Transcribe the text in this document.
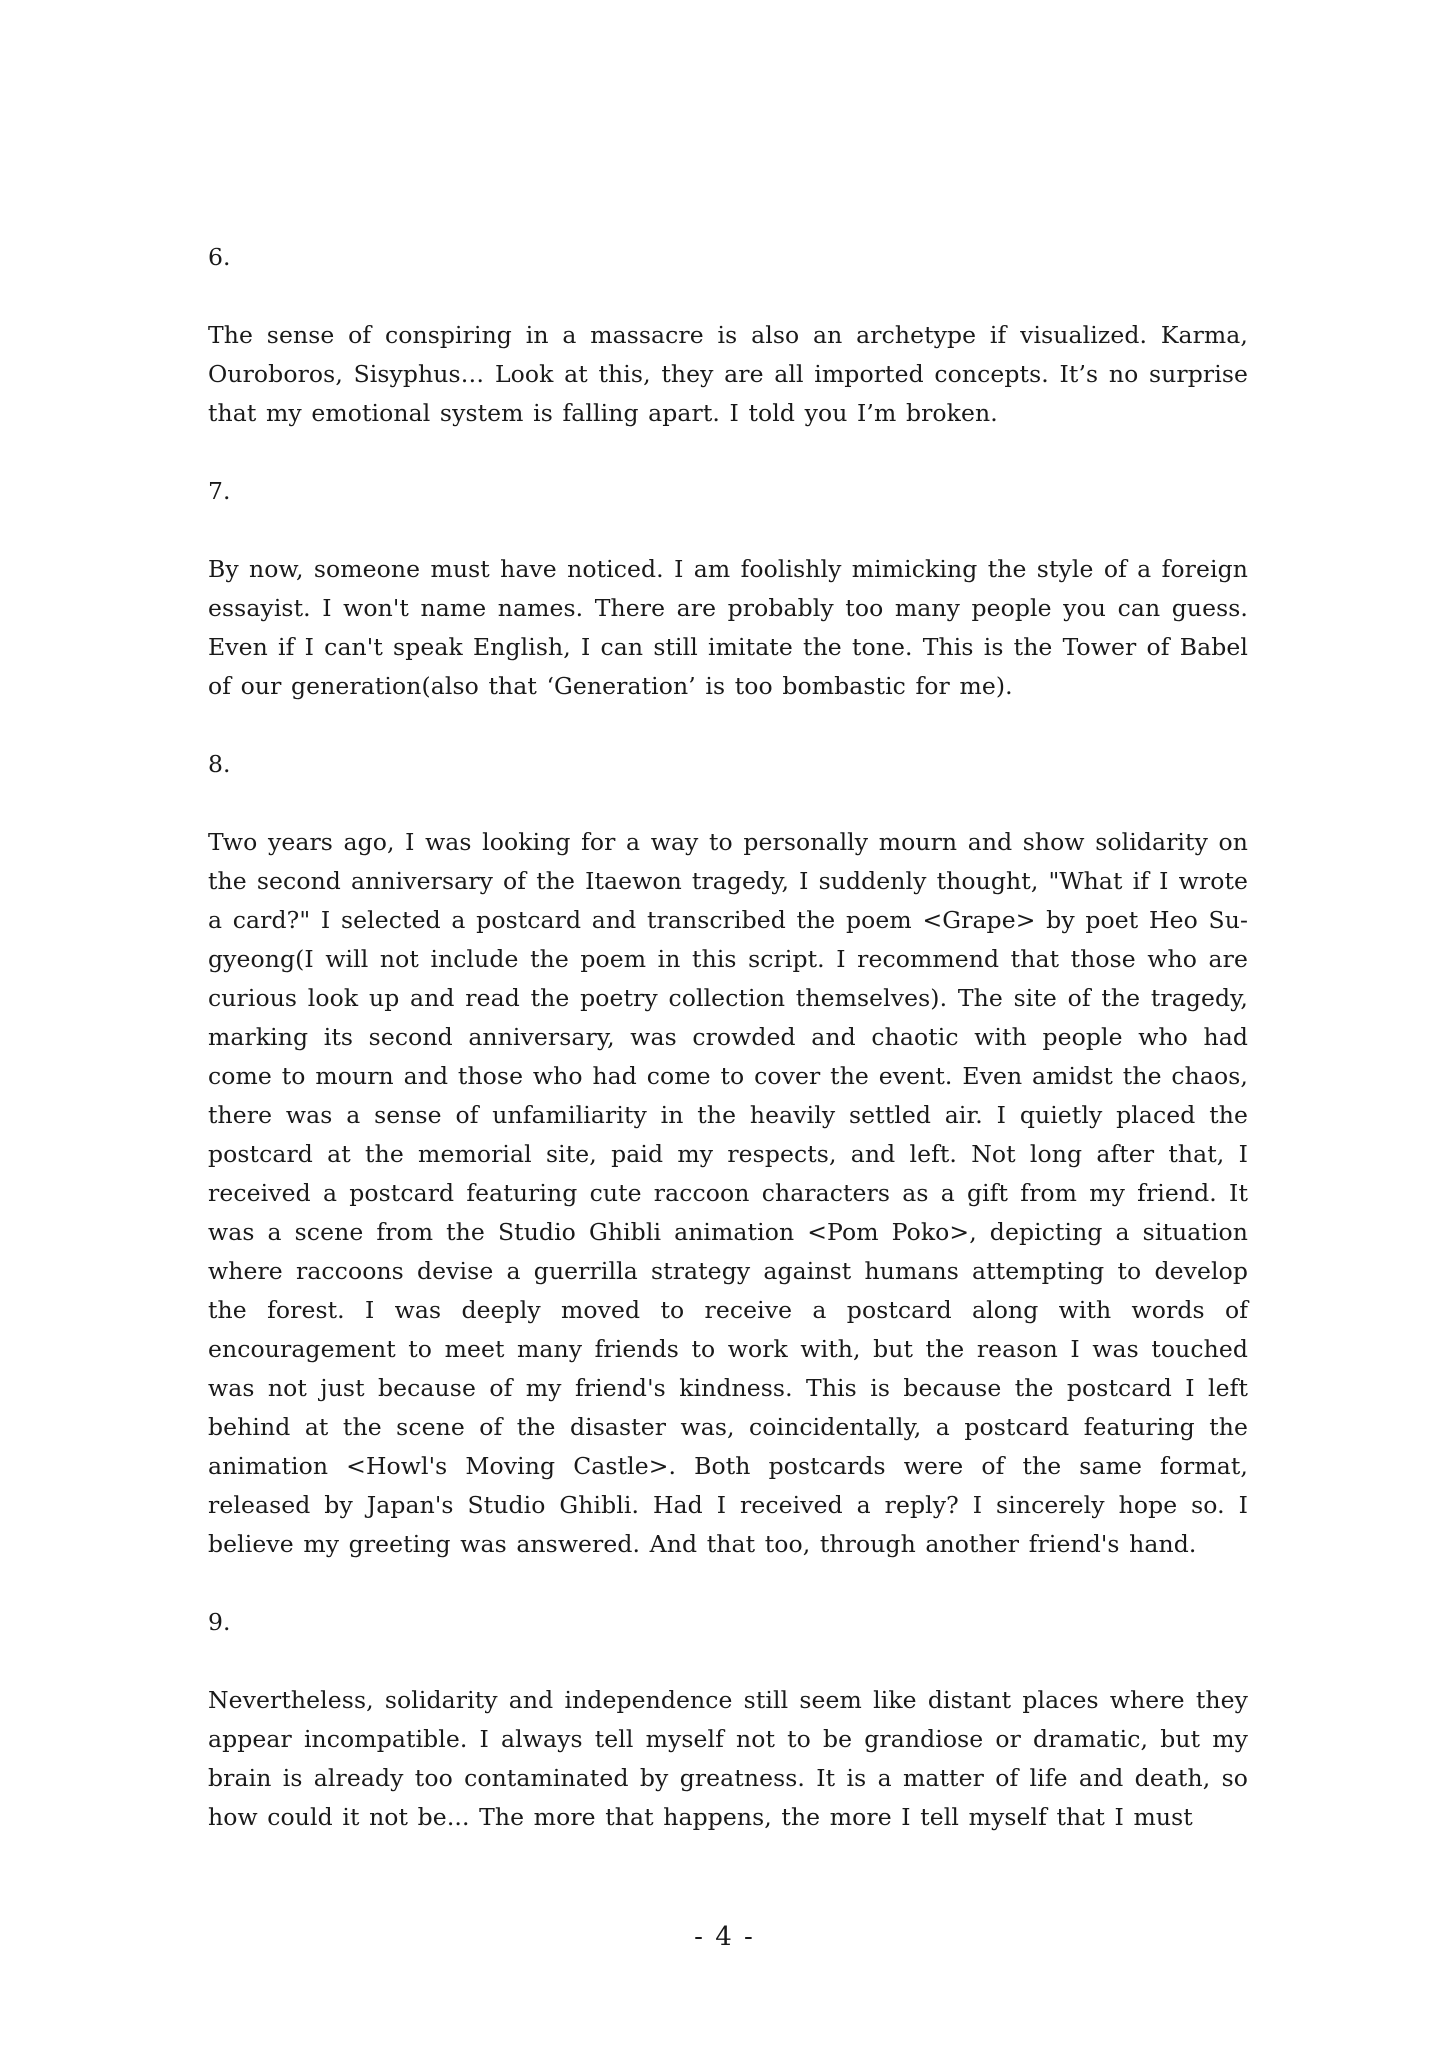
6.

The sense of conspiring in a massacre is also an archetype if visualized. Karma, Ouroboros, Sisyphus… Look at this, they are all imported concepts. It’s no surprise that my emotional system is falling apart. I told you I’m broken.

7.

By now, someone must have noticed. I am foolishly mimicking the style of a foreign essayist. I won't name names. There are probably too many people you can guess. Even if I can't speak English, I can still imitate the tone. This is the Tower of Babel of our generation(also that ‘Generation’ is too bombastic for me).

8.

Two years ago, I was looking for a way to personally mourn and show solidarity on the second anniversary of the Itaewon tragedy, I suddenly thought, "What if I wrote a card?" I selected a postcard and transcribed the poem <Grape> by poet Heo Su-gyeong(I will not include the poem in this script. I recommend that those who are curious look up and read the poetry collection themselves). The site of the tragedy, marking its second anniversary, was crowded and chaotic with people who had come to mourn and those who had come to cover the event. Even amidst the chaos, there was a sense of unfamiliarity in the heavily settled air. I quietly placed the postcard at the memorial site, paid my respects, and left. Not long after that, I received a postcard featuring cute raccoon characters as a gift from my friend. It was a scene from the Studio Ghibli animation <Pom Poko>, depicting a situation where raccoons devise a guerrilla strategy against humans attempting to develop the forest. I was deeply moved to receive a postcard along with words of encouragement to meet many friends to work with, but the reason I was touched was not just because of my friend's kindness. This is because the postcard I left behind at the scene of the disaster was, coincidentally, a postcard featuring the animation <Howl's Moving Castle>. Both postcards were of the same format, released by Japan's Studio Ghibli. Had I received a reply? I sincerely hope so. I believe my greeting was answered. And that too, through another friend's hand.

9.

Nevertheless, solidarity and independence still seem like distant places where they appear incompatible. I always tell myself not to be grandiose or dramatic, but my brain is already too contaminated by greatness. It is a matter of life and death, so how could it not be... The more that happens, the more I tell myself that I must

- 4 -
